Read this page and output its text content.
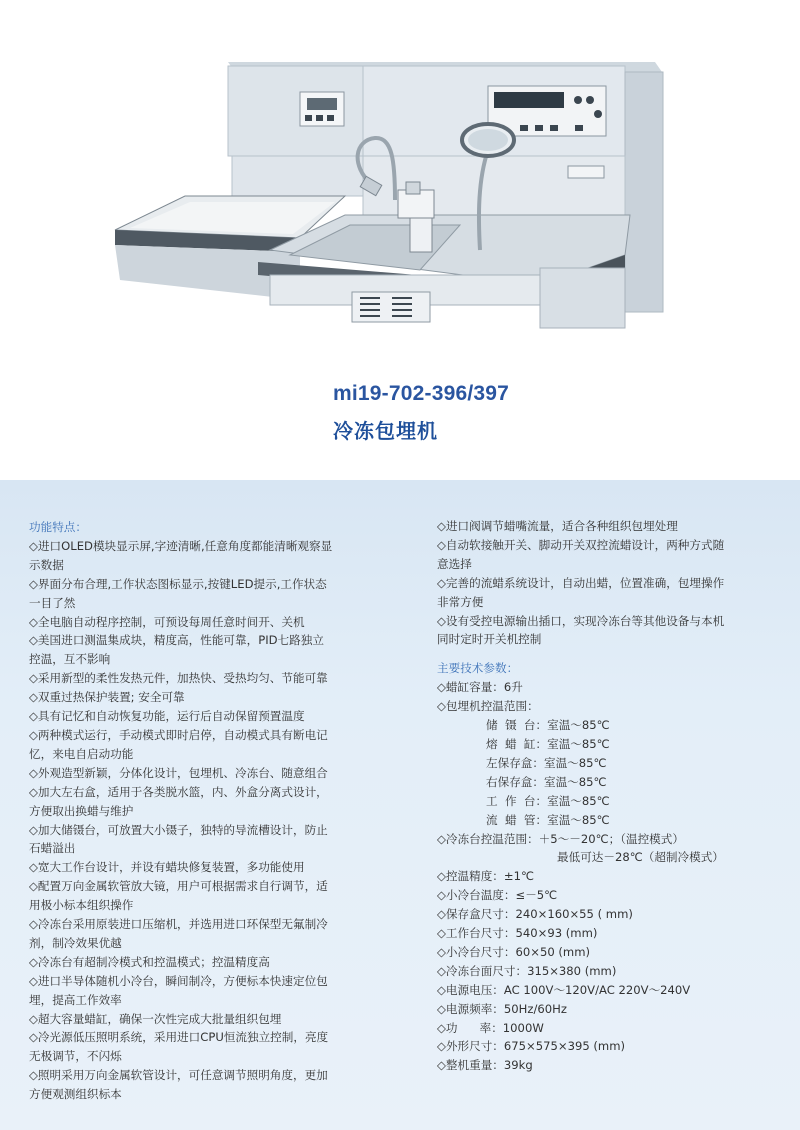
mi19-702-396/397
冷冻包埋机
功能特点：
◇进口OLED模块显示屏,字迹清晰,任意角度都能清晰观察显
示数据
◇界面分布合理,工作状态图标显示,按键LED提示,工作状态
一目了然
◇全电脑自动程序控制，可预设每周任意时间开、关机
◇美国进口测温集成块，精度高，性能可靠，PID七路独立
控温，互不影响
◇采用新型的柔性发热元件，加热快、受热均匀、节能可靠
◇双重过热保护装置; 安全可靠
◇具有记忆和自动恢复功能，运行后自动保留预置温度
◇两种模式运行，手动模式即时启停，自动模式具有断电记
忆，来电自启动功能
◇外观造型新颖，分体化设计，包埋机、冷冻台、随意组合
◇加大左右盒，适用于各类脱水篮，内、外盒分离式设计，
方便取出换蜡与维护
◇加大储镊台，可放置大小镊子，独特的导流槽设计，防止
石蜡溢出
◇宽大工作台设计，并设有蜡块修复装置，多功能使用
◇配置万向金属软管放大镜，用户可根据需求自行调节，适
用极小标本组织操作
◇冷冻台采用原装进口压缩机，并选用进口环保型无氟制冷
剂，制冷效果优越
◇冷冻台有超制冷模式和控温模式；控温精度高
◇进口半导体随机小冷台，瞬间制冷，方便标本快速定位包
埋，提高工作效率
◇超大容量蜡缸，确保一次性完成大批量组织包埋
◇冷光源低压照明系统，采用进口CPU恒流独立控制，亮度
无极调节，不闪烁
◇照明采用万向金属软管设计，可任意调节照明角度，更加
方便观测组织标本
◇进口阀调节蜡嘴流量，适合各种组织包埋处理
◇自动软接触开关、脚动开关双控流蜡设计，两种方式随
意选择
◇完善的流蜡系统设计，自动出蜡，位置准确，包埋操作
非常方便
◇设有受控电源输出插口，实现冷冻台等其他设备与本机
同时定时开关机控制
主要技术参数：
◇蜡缸容量：6升
◇包埋机控温范围：
储  镊  台：室温～85℃
熔  蜡  缸：室温～85℃
左保存盒：室温～85℃
右保存盒：室温～85℃
工  作  台：室温～85℃
流  蜡  管：室温～85℃
◇冷冻台控温范围：＋5～－20℃；（温控模式）
最低可达－28℃（超制冷模式）
◇控温精度：±1℃
◇小冷台温度：≤－5℃
◇保存盒尺寸：240×160×55 ( mm)
◇工作台尺寸：540×93 (mm)
◇小冷台尺寸：60×50 (mm)
◇冷冻台面尺寸：315×380 (mm)
◇电源电压：AC 100V～120V/AC 220V～240V
◇电源频率：50Hz/60Hz
◇功      率：1000W
◇外形尺寸：675×575×395 (mm)
◇整机重量：39kg
